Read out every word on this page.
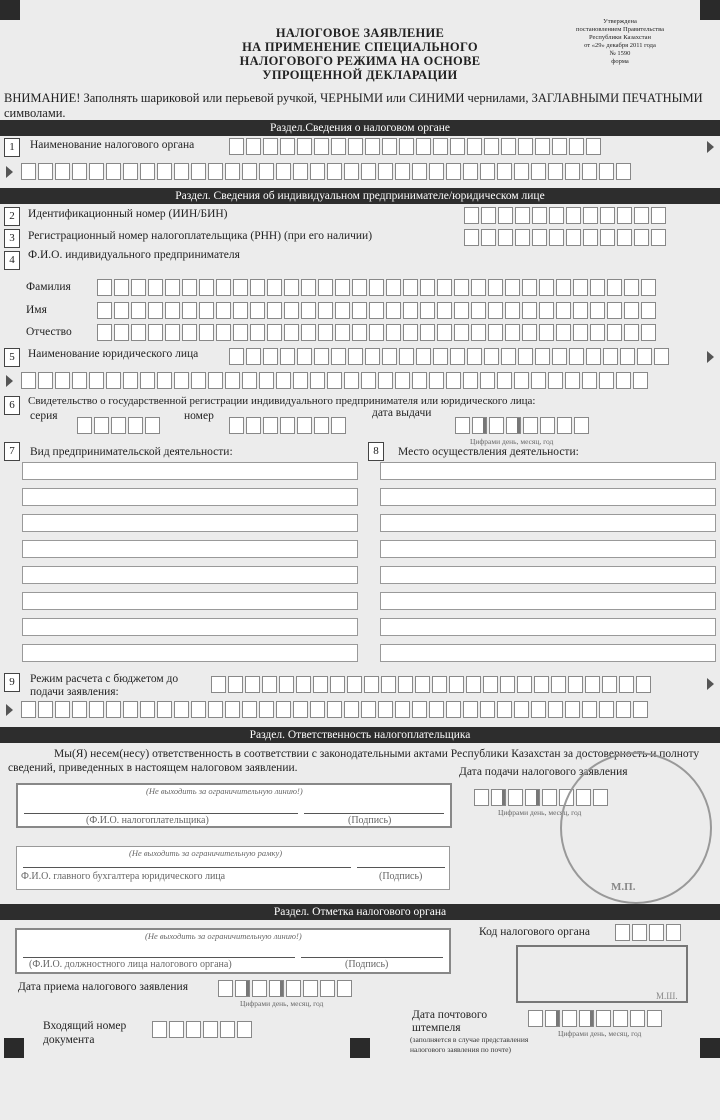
НАЛОГОВОЕ ЗАЯВЛЕНИЕ
НА ПРИМЕНЕНИЕ СПЕЦИАЛЬНОГО
НАЛОГОВОГО РЕЖИМА НА ОСНОВЕ
УПРОЩЕННОЙ ДЕКЛАРАЦИИ
Утверждена
постановлением Правительства
Республики Казахстан
от «29» декабря 2011 года
№ 1590
форма
ВНИМАНИЕ! Заполнять шариковой или перьевой ручкой, ЧЕРНЫМИ или СИНИМИ чернилами, ЗАГЛАВНЫМИ ПЕЧАТНЫМИ символами.
Раздел.Сведения о налоговом органе
1	Наименование налогового органа
Раздел. Сведения об индивидуальном предпринимателе/юридическом лице
2	Идентификационный номер (ИИН/БИН)
3	Регистрационный номер налогоплательщика (РНН) (при его наличии)
4	Ф.И.О. индивидуального предпринимателя
Фамилия
Имя
Отчество
5	Наименование юридического лица
6	Свидетельство о государственной регистрации индивидуального предпринимателя или юридического лица:
серия	номер	дата выдачи
Цифрами день, месяц, год
7	Вид предпринимательской деятельности:	8	Место осуществления деятельности:
9	Режим расчета с бюджетом до
подачи заявления:
Раздел. Ответственность налогоплательщика
Мы(Я) несем(несу) ответственность в соответствии с законодательными актами Республики Казахстан за достоверность и полноту сведений, приведенных в настоящем налоговом заявлении.	Дата подачи налогового заявления
Цифрами день, месяц, год
(Не выходить за ограничительную линию!)
(Ф.И.О. налогоплательщика)	(Подпись)
(Не выходить за ограничительную рамку)
Ф.И.О. главного бухгалтера юридического лица	(Подпись)
М.П.
Раздел. Отметка налогового органа
(Не выходить за ограничительную линию!)
(Ф.И.О. должностного лица налогового органа)	(Подпись)
Код налогового органа
М.Ш.
Дата приема налогового заявления
Цифрами день, месяц, год
Входящий номер
документа
Дата почтового
штемпеля
(заполняется в случае представления
налогового заявления по почте)
Цифрами день, месяц, год
